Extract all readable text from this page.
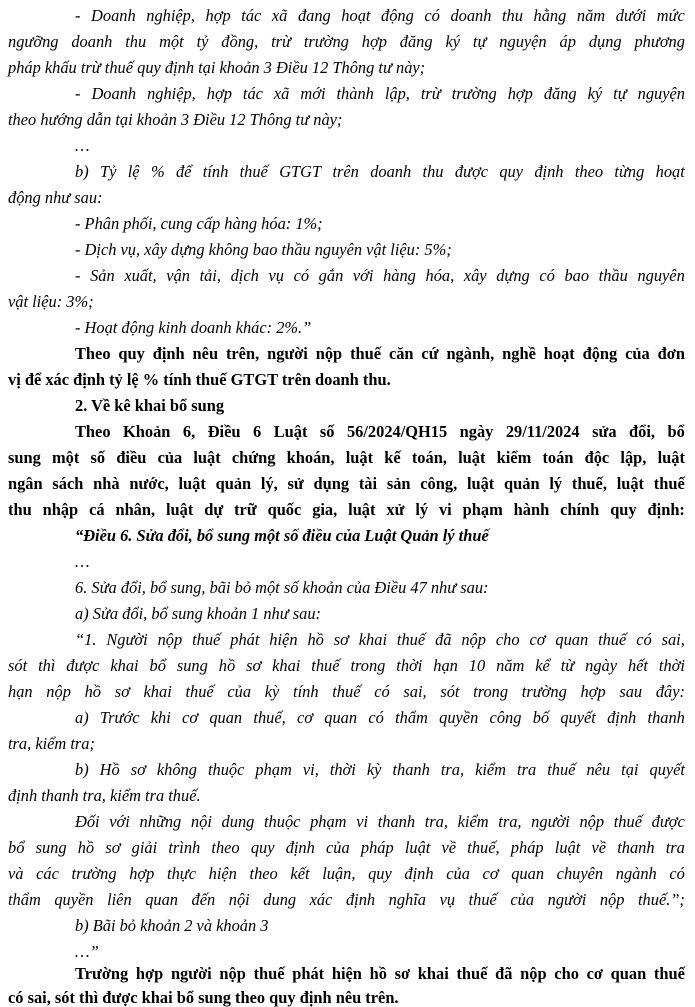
- Doanh nghiệp, hợp tác xã đang hoạt động có doanh thu hằng năm dưới mức
ngưỡng doanh thu một tỷ đồng, trừ trường hợp đăng ký tự nguyện áp dụng phương
pháp khấu trừ thuế quy định tại khoản 3 Điều 12 Thông tư này;
- Doanh nghiệp, hợp tác xã mới thành lập, trừ trường hợp đăng ký tự nguyện
theo hướng dẫn tại khoản 3 Điều 12 Thông tư này;
…
b) Tỷ lệ % để tính thuế GTGT trên doanh thu được quy định theo từng hoạt
động như sau:
- Phân phối, cung cấp hàng hóa: 1%;
- Dịch vụ, xây dựng không bao thầu nguyên vật liệu: 5%;
- Sản xuất, vận tải, dịch vụ có gắn với hàng hóa, xây dựng có bao thầu nguyên
vật liệu: 3%;
- Hoạt động kinh doanh khác: 2%.”
Theo quy định nêu trên, người nộp thuế căn cứ ngành, nghề hoạt động của đơn
vị để xác định tỷ lệ % tính thuế GTGT trên doanh thu.
2. Về kê khai bổ sung
Theo Khoản 6, Điều 6 Luật số 56/2024/QH15 ngày 29/11/2024 sửa đổi, bổ
sung một số điều của luật chứng khoán, luật kế toán, luật kiểm toán độc lập, luật
ngân sách nhà nước, luật quản lý, sử dụng tài sản công, luật quản lý thuế, luật thuế
thu nhập cá nhân, luật dự trữ quốc gia, luật xử lý vi phạm hành chính quy định:
“Điều 6. Sửa đổi, bổ sung một số điều của Luật Quản lý thuế
…
6. Sửa đổi, bổ sung, bãi bỏ một số khoản của Điều 47 như sau:
a) Sửa đổi, bổ sung khoản 1 như sau:
“1. Người nộp thuế phát hiện hồ sơ khai thuế đã nộp cho cơ quan thuế có sai,
sót thì được khai bổ sung hồ sơ khai thuế trong thời hạn 10 năm kể từ ngày hết thời
hạn nộp hồ sơ khai thuế của kỳ tính thuế có sai, sót trong trường hợp sau đây:
a) Trước khi cơ quan thuế, cơ quan có thẩm quyền công bố quyết định thanh
tra, kiểm tra;
b) Hồ sơ không thuộc phạm vi, thời kỳ thanh tra, kiểm tra thuế nêu tại quyết
định thanh tra, kiểm tra thuế.
Đối với những nội dung thuộc phạm vi thanh tra, kiểm tra, người nộp thuế được
bổ sung hồ sơ giải trình theo quy định của pháp luật về thuế, pháp luật về thanh tra
và các trường hợp thực hiện theo kết luận, quy định của cơ quan chuyên ngành có
thẩm quyền liên quan đến nội dung xác định nghĩa vụ thuế của người nộp thuế.”;
b) Bãi bỏ khoản 2 và khoản 3
…”
Trường hợp người nộp thuế phát hiện hồ sơ khai thuế đã nộp cho cơ quan thuế
có sai, sót thì được khai bổ sung theo quy định nêu trên.
